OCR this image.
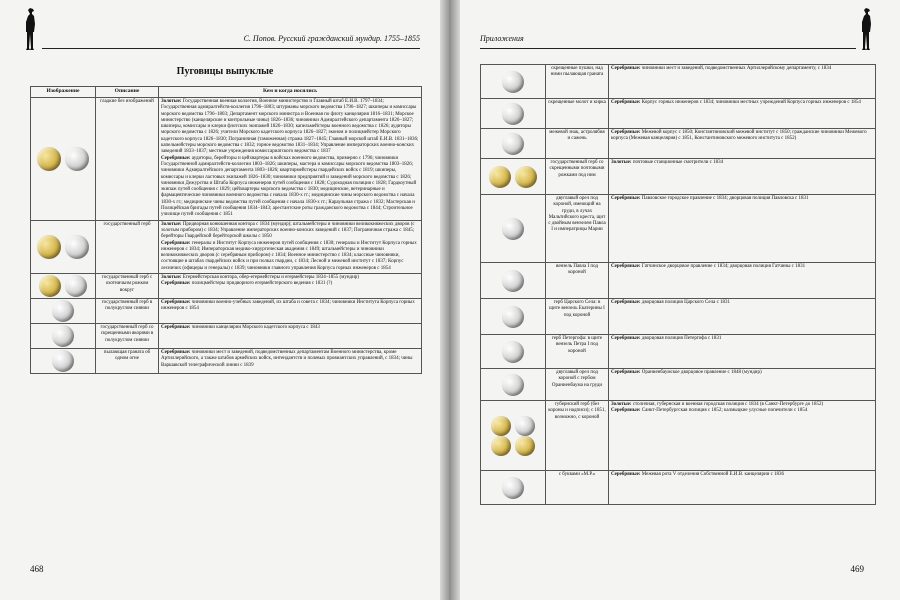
С. Попов. Русский гражданский мундир. 1755–1855
Пуговицы выпуклые
Изображение	Описание	Кем и когда носились
	гладкие без изображений	Золотые: Государственная военная коллегия, Военное министерство и Главный штаб Е.И.В. 1797–1834; Государственная адмиралтейств-коллегия 1796–1803; штурманы морского ведомства 1796–1827; шкиперы и комиссары морского ведомства 1796–1803; Департамент морского министра и Военная по флоту канцелярия 1816–1831; Морское министерство (канцелярские и контрольные чины) 1826–1836; чиновники Адмиралтейского департамента 1826–1827; шкиперы, комиссары и клерки флотских экипажей 1826–1830; капельмейстеры военного ведомства с 1826; аудиторы морского ведомства с 1826; учители Морского кадетского корпуса 1826–1827; эконом и полицмейстер Морского кадетского корпуса 1826–1830; Пограничная (таможенная) стража 1827–1845; Главный морской штаб Е.И.В. 1831–1836; капельмейстеры морского ведомства с 1832; горное ведомство 1831–1834; Управление императорских военно-конских заведений 1833–1837; местные учреждения комиссариатского ведомства с 1837
Серебряные: аудиторы, берейторы и цейхвартеры в войсках военного ведомства, примерно с 1796; чиновники Государственной адмиралтейств-коллегии 1803–1826; шкиперы, мастера и комиссары морского ведомства 1803–1826; чиновники Адмиралтейского департамента 1803–1826; квартирмейстеры гвардейских войск с 1819; шкиперы, комиссары и клерки ластовых экипажей 1826–1830; чиновники предприятий и заведений морского ведомства с 1826; чиновники Дежурства и Штаба Корпуса инженеров путей сообщения с 1828; Судоходная полиция с 1828; Гардкоутный экипаж путей сообщения с 1829; цейхвартеры морского ведомства с 1830; медицинские, ветеринарные и фармацевтические чиновники военного ведомства с начала 1830-х гг.; медицинские чины морского ведомства с начала 1830-х гг.; медицинские чины ведомства путей сообщения с начала 1830-х гг.; Караульная стража с 1832; Мастерская и Полицейская бригады путей сообщения 1834–1843; арестантские роты гражданского ведомства с 1844; Строительное училище путей сообщения с 1851

	государственный герб	Золотые: Придворная конюшенная контора с 1834 (мундир); штальмейстеры и чиновники великокняжеских дворов (с золотым прибором) с 1834; Управление императорских военно-конских заведений с 1837; Пограничная стража с 1845; берейторы Гвардейской берейторской школы с 1850
Серебряные: генералы и Институт Корпуса инженеров путей сообщения с 1830; генералы и Институт Корпуса горных инженеров с 1834; Императорская медико-хирургическая академия с 1849; штальмейстеры и чиновники великокняжеских дворов (с серебряным прибором) с 1834; Военное министерство с 1834; классные чиновники, состоящие в штабах гвардейских войск и при полках гвардии, с 1834; Лесной и межевой институт с 1837; Корпус лесничих (офицеры и генералы) с 1839; чиновники главного управления Корпуса горных инженеров с 1854

	государственный герб с охотничьим рожком вокруг	Золотые: Егермейстерская контора, обер-егермейстеры и егермейстеры 1834–1855 (мундир)
Серебряные: полицмейстеры придворного егермейстерского ведения с 1831 (?)

	государственный герб в полукруглом сиянии	Серебряные: чиновники военно-учебных заведений, их штаба и совета с 1834; чиновники Института Корпуса горных инженеров с 1854

	государственный герб со скрещенными якорями в полукруглом сиянии	Серебряные: чиновники канцелярии Морского кадетского корпуса с 1843

	пылающая граната об одном огне	Серебряные: чиновники мест и заведений, подведомственных департаментам Военного министерства, кроме Артиллерийского, а также штабов армейских войск, интендантств и полевых провиантских управлений, с 1834; чины Варшавской телеграфической линии с 1839
468
Приложения
	скрещенные пушки, над ними пылающая граната	Серебряные: чиновники мест и заведений, подведомственных Артиллерийскому департаменту, с 1834

	скрещенные молот и кирка	Серебряные: Корпус горных инженеров с 1834; чиновники местных учреждений Корпуса горных инженеров с 1854

	межевой знак, астролябия и сажень	Серебряные: Межевой корпус с 1850; Константиновский межевой институт с 1850; гражданские чиновники Межевого корпуса (Межевая канцелярия) с 1851, Константиновского межевого института с 1852)

	государственный герб со скрещенными почтовыми рожками под ним	Золотые: почтовые станционные смотрители с 1834

	двуглавый орел под короной, имеющий на груди, в лучах Мальтийского креста, щит с двойным вензелем Павла I и императрицы Марии	Серебряные: Павловское городское правление с 1834; дворцовая полиция Павловска с 1831

	вензель Павла I под короной	Серебряные: Гатчинское дворцовое правление с 1834; дворцовая полиция Гатчины с 1831

	герб Царского Села: в щите вензель Екатерины I под короной	Серебряные: дворцовая полиция Царского Села с 1831

	герб Петергофа: в щите вензель Петра I под короной	Серебряные: дворцовая полиция Петергофа с 1831

	двуглавый орел под короной с гербом Ораниенбаума на груди	Серебряные: Ораниенбаумское дворцовое правление с 1848 (мундир)

	губернский герб (без короны и надписи); с 1851, возможно, с короной	Золотые: столичная, губернская и военная городская полиция с 1834 (в Санкт-Петербурге до 1852)
Серебряные: Санкт-Петербургская полиция с 1852; калмыцкие улусные попечители с 1854

	с буквами «М.Р.»	Серебряные: Межевая рота V отделения Собственной Е.И.В. канцелярии с 1836
469
